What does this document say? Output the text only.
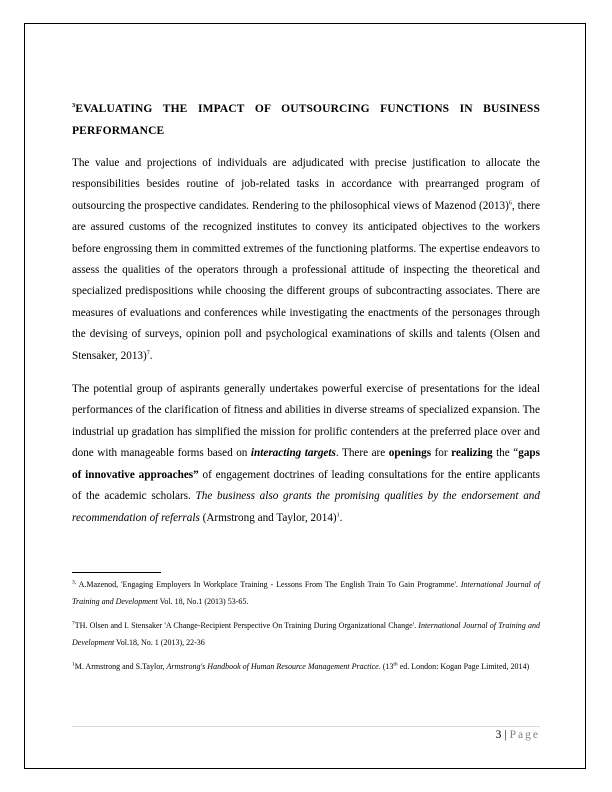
$^3$EVALUATING THE IMPACT OF OUTSOURCING FUNCTIONS IN BUSINESS PERFORMANCE

The value and projections of individuals are adjudicated with precise justification to allocate the responsibilities besides routine of job-related tasks in accordance with prearranged program of outsourcing the prospective candidates. Rendering to the philosophical views of Mazenod $(2013)^6$, there are assured customs of the recognized institutes to convey its anticipated objectives to the workers before engrossing them in committed extremes of the functioning platforms. The expertise endeavors to assess the qualities of the operators through a professional attitude of inspecting the theoretical and specialized predispositions while choosing the different groups of subcontracting associates. There are measures of evaluations and conferences while investigating the enactments of the personages through the devising of surveys, opinion poll and psychological examinations of skills and talents (Olsen and Stensaker, 2013)$^7$.

The potential group of aspirants generally undertakes powerful exercise of presentations for the ideal performances of the clarification of fitness and abilities in diverse streams of specialized expansion. The industrial up gradation has simplified the mission for prolific contenders at the preferred place over and done with manageable forms based on interacting targets. There are openings for realizing the “gaps of innovative approaches” of engagement doctrines of leading consultations for the entire applicants of the academic scholars. The business also grants the promising qualities by the endorsement and recommendation of referrals (Armstrong and Taylor, 2014)$^1$.

$^{3,}$ A.Mazenod, 'Engaging Employers In Workplace Training - Lessons From The English Train To Gain Programme'. International Journal of Training and Development Vol. 18, No.1 (2013) 53-65.
$^7$TH. Olsen and I. Stensaker 'A Change-Recipient Perspective On Training During Organizational Change'. International Journal of Training and Development Vol.18, No. 1 (2013), 22-36
$^1$M. Armstrong and S.Taylor, Armstrong's Handbook of Human Resource Management Practice. (13th ed. London: Kogan Page Limited, 2014)
3 | Page
